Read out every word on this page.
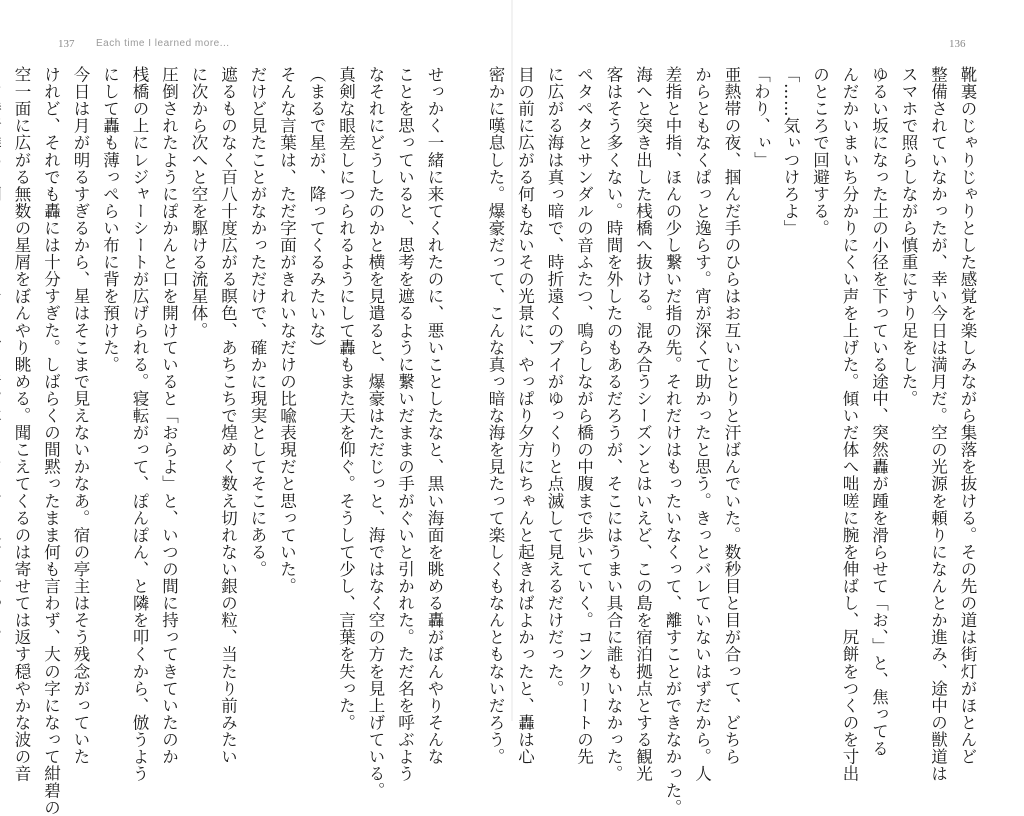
137 Each time I learned more...	136
靴裏のじゃりじゃりとした感覚を楽しみながら集落を抜ける。その先の道は街灯がほとんど
整備されていなかったが、幸い今日は満月だ。空の光源を頼りになんとか進み、途中の獣道は
スマホで照らしながら慎重にすり足をした。
ゆるい坂になった土の小径を下っている途中、突然轟が踵を滑らせて「お、」と、焦ってる
んだかいまいち分かりにくい声を上げた。傾いだ体へ咄嗟に腕を伸ばし、尻餅をつくのを寸出
のところで回避する。
「……気ぃつけろよ」
「わり、ぃ」
亜熱帯の夜、掴んだ手のひらはお互いじとりと汗ばんでいた。数秒目と目が合って、どちら
からともなくぱっと逸らす。宵が深くて助かったと思う。きっとバレていないはずだから。人
差指と中指、ほんの少し繋いだ指の先。それだけはもったいなくって、離すことができなかった。
海へと突き出した桟橋へ抜ける。混み合うシーズンとはいえど、この島を宿泊拠点とする観光
客はそう多くない。時間を外したのもあるだろうが、そこにはうまい具合に誰もいなかった。
ペタペタとサンダルの音ふたつ、鳴らしながら橋の中腹まで歩いていく。コンクリートの先
に広がる海は真っ暗で、時折遠くのブイがゆっくりと点滅して見えるだけだった。
目の前に広がる何もないその光景に、やっぱり夕方にちゃんと起きればよかったと、轟は心
密かに嘆息した。爆豪だって、こんな真っ暗な海を見たって楽しくもなんともないだろう。
せっかく一緒に来てくれたのに、悪いことしたなと、黒い海面を眺める轟がぼんやりそんな
ことを思っていると、思考を遮るように繋いだままの手がぐいと引かれた。ただ名を呼ぶよう
なそれにどうしたのかと横を見遣ると、爆豪はただじっと、海ではなく空の方を見上げている。
真剣な眼差しにつられるようにして轟もまた天を仰ぐ。そうして少し、言葉を失った。
（まるで星が、降ってくるみたいな）
そんな言葉は、ただ字面がきれいなだけの比喩表現だと思っていた。
だけど見たことがなかっただけで、確かに現実としてそこにある。
遮るものなく百八十度広がる瞑色、あちこちで煌めく数え切れない銀の粒、当たり前みたい
に次から次へと空を駆ける流星体。
圧倒されたようにぽかんと口を開けていると「おらよ」と、いつの間に持ってきていたのか
桟橋の上にレジャーシートが広げられる。寝転がって、ぽんぽん、と隣を叩くから、倣うよう
にして轟も薄っぺらい布に背を預けた。
今日は月が明るすぎるから、星はそこまで見えないかなあ。宿の亭主はそう残念がっていた
けれど、それでも轟には十分すぎた。しばらくの間黙ったまま何も言わず、大の字になって紺碧の
空一面に広がる無数の星屑をぼんやり眺める。聞こえてくるのは寄せては返す穏やかな波の音
